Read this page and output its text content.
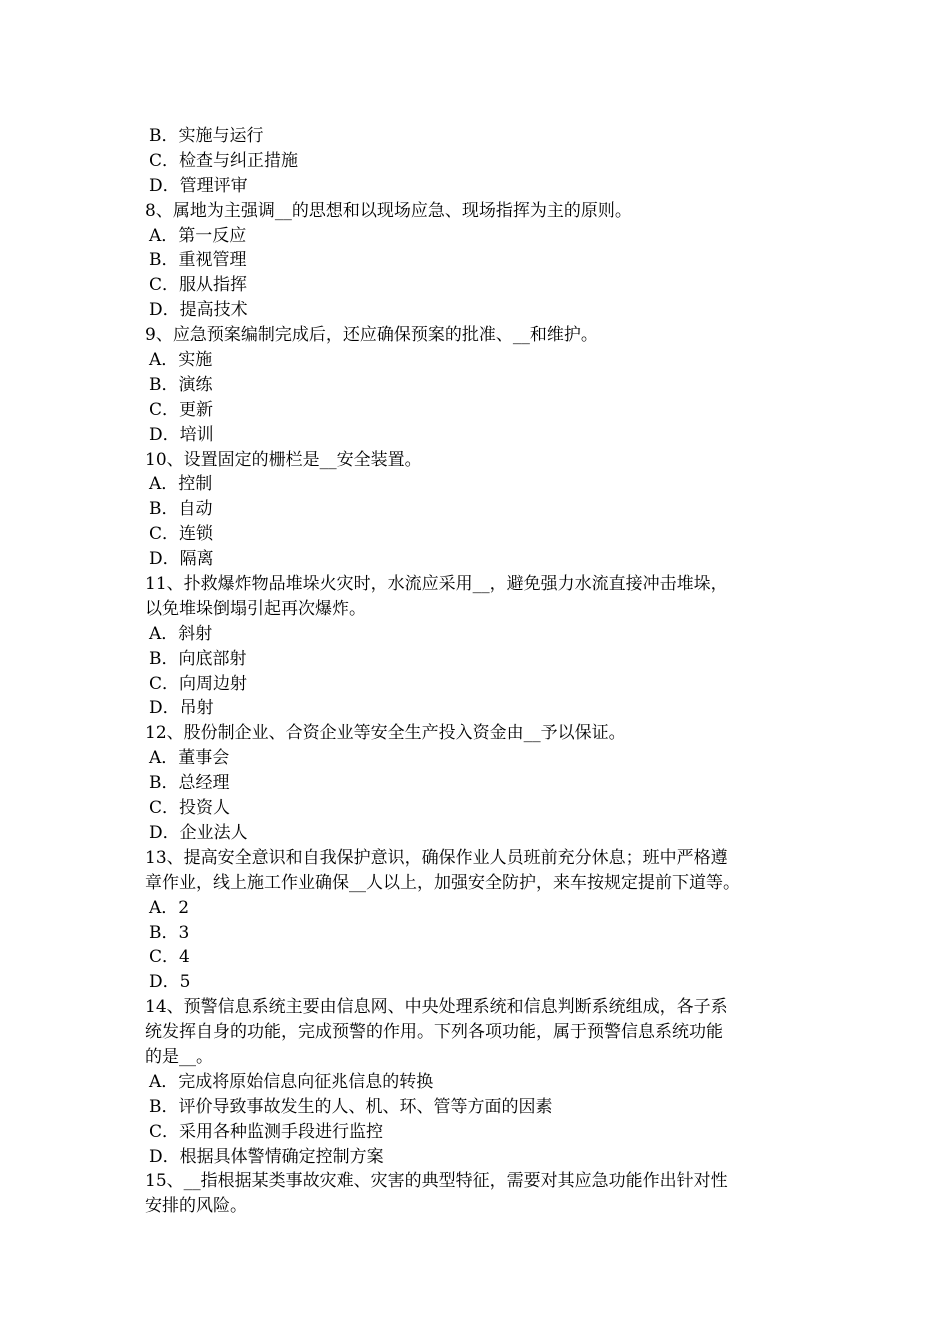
B．实施与运行
C．检查与纠正措施
D．管理评审
8、属地为主强调__的思想和以现场应急、现场指挥为主的原则。
A．第一反应
B．重视管理
C．服从指挥
D．提高技术
9、应急预案编制完成后，还应确保预案的批准、__和维护。
A．实施
B．演练
C．更新
D．培训
10、设置固定的栅栏是__安全装置。
A．控制
B．自动
C．连锁
D．隔离
11、扑救爆炸物品堆垛火灾时，水流应采用__，避免强力水流直接冲击堆垛，
以免堆垛倒塌引起再次爆炸。
A．斜射
B．向底部射
C．向周边射
D．吊射
12、股份制企业、合资企业等安全生产投入资金由__予以保证。
A．董事会
B．总经理
C．投资人
D．企业法人
13、提高安全意识和自我保护意识，确保作业人员班前充分休息；班中严格遵
章作业，线上施工作业确保__人以上，加强安全防护，来车按规定提前下道等。
A．2
B．3
C．4
D．5
14、预警信息系统主要由信息网、中央处理系统和信息判断系统组成，各子系
统发挥自身的功能，完成预警的作用。下列各项功能，属于预警信息系统功能
的是__。
A．完成将原始信息向征兆信息的转换
B．评价导致事故发生的人、机、环、管等方面的因素
C．采用各种监测手段进行监控
D．根据具体警情确定控制方案
15、__指根据某类事故灾难、灾害的典型特征，需要对其应急功能作出针对性
安排的风险。
